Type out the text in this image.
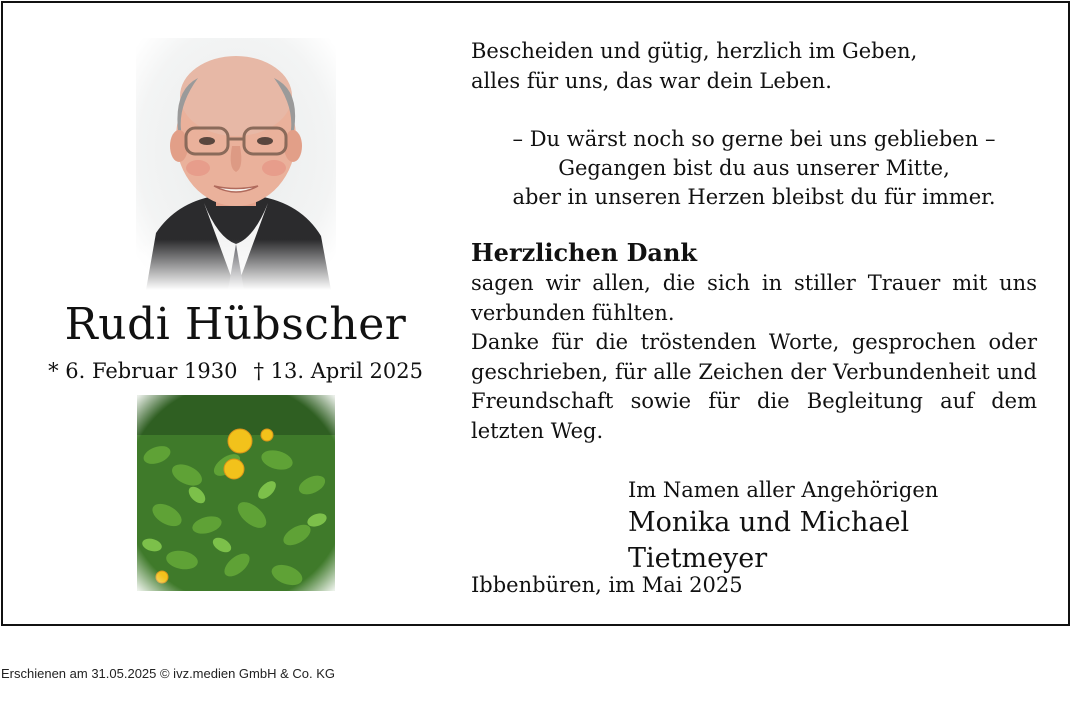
Rudi Hübscher
* 6. Februar 1930 † 13. April 2025
Bescheiden und gütig, herzlich im Geben,
alles für uns, das war dein Leben.
– Du wärst noch so gerne bei uns geblieben –
Gegangen bist du aus unserer Mitte,
aber in unseren Herzen bleibst du für immer.
Herzlichen Dank

sagen wir allen, die sich in stiller Trauer mit uns verbunden fühlten.

Danke für die tröstenden Worte, gesprochen oder geschrieben, für alle Zeichen der Verbundenheit und Freundschaft sowie für die Begleitung auf dem letzten Weg.

Im Namen aller Angehörigen
Monika und Michael Tietmeyer
Ibbenbüren, im Mai 2025
Erschienen am 31.05.2025 © ivz.medien GmbH & Co. KG
